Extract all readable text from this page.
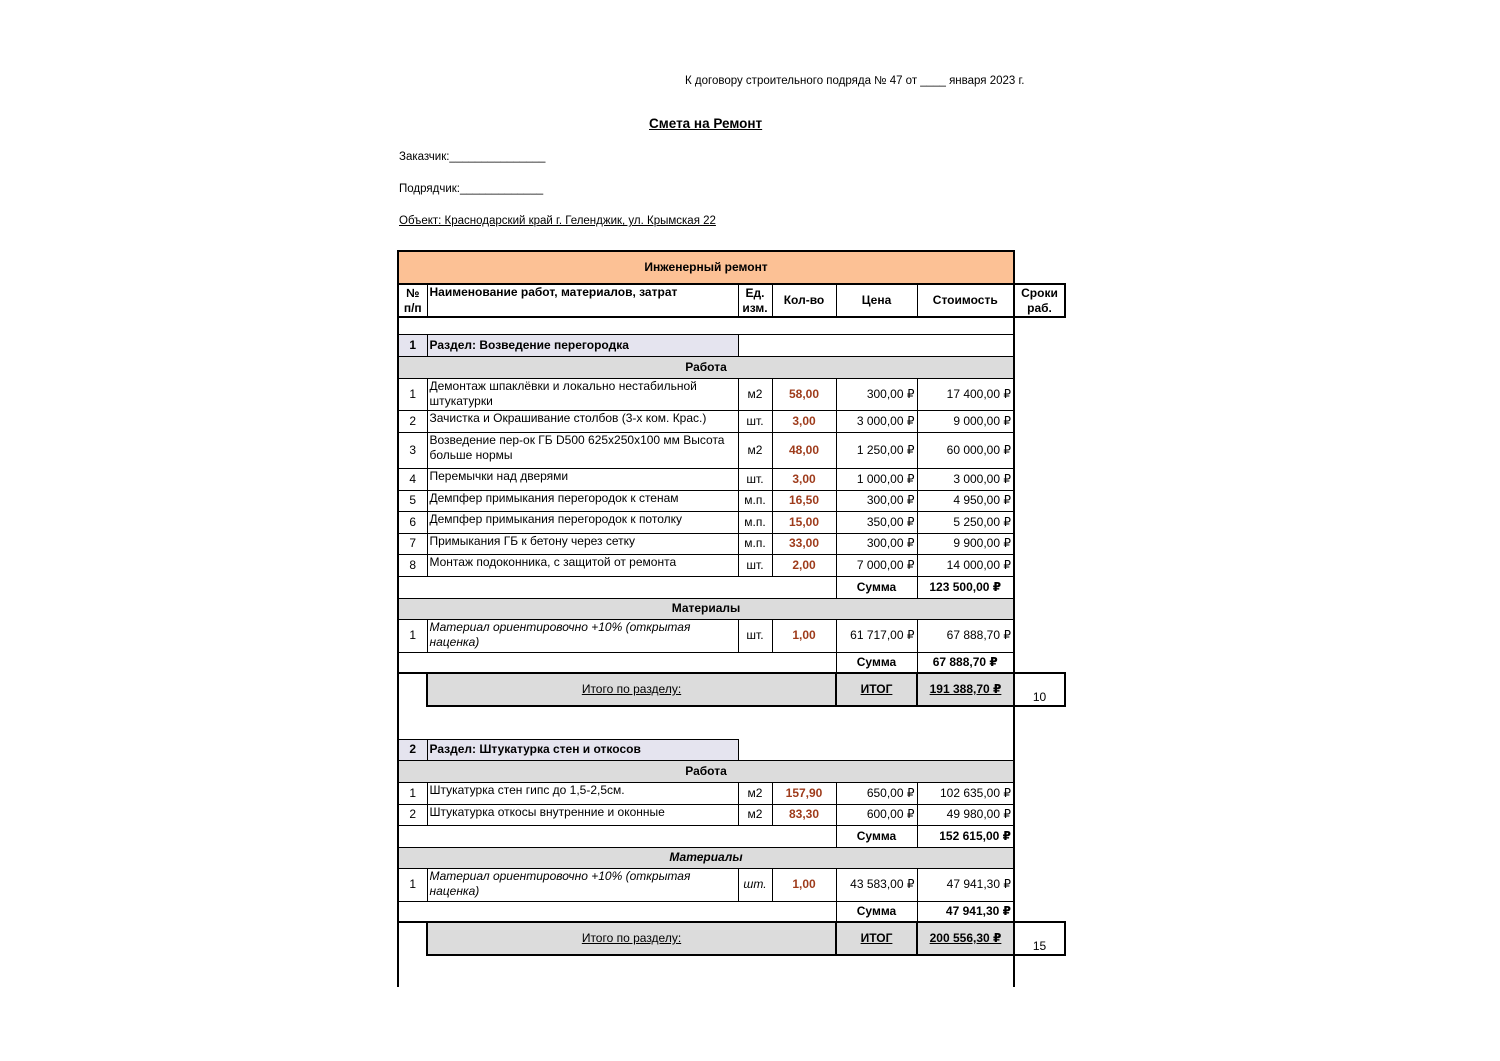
К договору строительного подряда № 47 от ____ января 2023 г.
Смета на Ремонт
Заказчик:_______________
Подрядчик:_____________
Объект: Краснодарский край г. Геленджик, ул. Крымская 22
Инженерный ремонт						
№ п/п	Наименование работ, материалов, затрат	Ед. изм.	Кол-во	Цена	Стоимость	Сроки раб.

1	Раздел: Возведение перегородка					
Работа						
1	Демонтаж шпаклёвки и локально нестабильной штукатурки	м2	58,00	300,00 ₽	17 400,00 ₽	
2	Зачистка и Окрашивание столбов (3-х ком. Крас.)	шт.	3,00	3 000,00 ₽	9 000,00 ₽	
3	Возведение пер-ок ГБ D500 625х250х100 мм Высота больше нормы	м2	48,00	1 250,00 ₽	60 000,00 ₽	
4	Перемычки над дверями	шт.	3,00	1 000,00 ₽	3 000,00 ₽	
5	Демпфер примыкания перегородок к стенам	м.п.	16,50	300,00 ₽	4 950,00 ₽	
6	Демпфер примыкания перегородок к потолку	м.п.	15,00	350,00 ₽	5 250,00 ₽	
7	Примыкания ГБ к бетону через сетку	м.п.	33,00	300,00 ₽	9 900,00 ₽	
8	Монтаж подоконника, с защитой от ремонта	шт.	2,00	7 000,00 ₽	14 000,00 ₽	
				Сумма	123 500,00 ₽	
Материалы						
1	Материал ориентировочно +10% (открытая наценка)	шт.	1,00	61 717,00 ₽	67 888,70 ₽	
				Сумма	67 888,70 ₽	
	Итого по разделу:			ИТОГ	191 388,70 ₽	10

2	Раздел: Штукатурка стен и откосов					
Работа						
1	Штукатурка стен гипс до 1,5-2,5см.	м2	157,90	650,00 ₽	102 635,00 ₽	
2	Штукатурка откосы внутренние и оконные	м2	83,30	600,00 ₽	49 980,00 ₽	
				Сумма	152 615,00 ₽	
Материалы						
1	Материал ориентировочно +10% (открытая наценка)	шт.	1,00	43 583,00 ₽	47 941,30 ₽	
				Сумма	47 941,30 ₽	
	Итого по разделу:			ИТОГ	200 556,30 ₽	15
